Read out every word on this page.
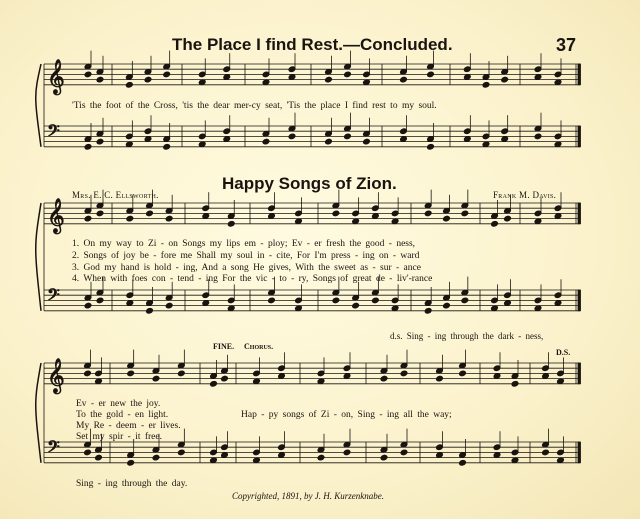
𝄞
𝄢
𝄞
𝄢
𝄞
𝄢
The Place I find Rest.—Concluded.	37
'Tis the foot of the Cross, 'tis the dear mer-cy seat, 'Tis the place I find rest to my soul.
Happy Songs of Zion.
Mrs. E. C. Ellsworth.	Frank M. Davis.
1. On my way to Zi - on Songs my lips em - ploy; Ev - er fresh the good - ness,
2. Songs of joy be - fore me Shall my soul in - cite, For I'm press - ing on - ward
3. God my hand is hold - ing, And a song He gives, With the sweet as - sur - ance
4. When with foes con - tend - ing For the vic - to - ry, Songs of great de - liv'-rance
d.s. Sing - ing through the dark - ness,
FINE. Chorus.
D.S.
Ev - er new the joy.
To the gold - en light.
My Re - deem - er lives.
Set my spir - it free.
Hap - py songs of Zi - on, Sing - ing all the way;
Sing - ing through the day.
Copyrighted, 1891, by J. H. Kurzenknabe.
